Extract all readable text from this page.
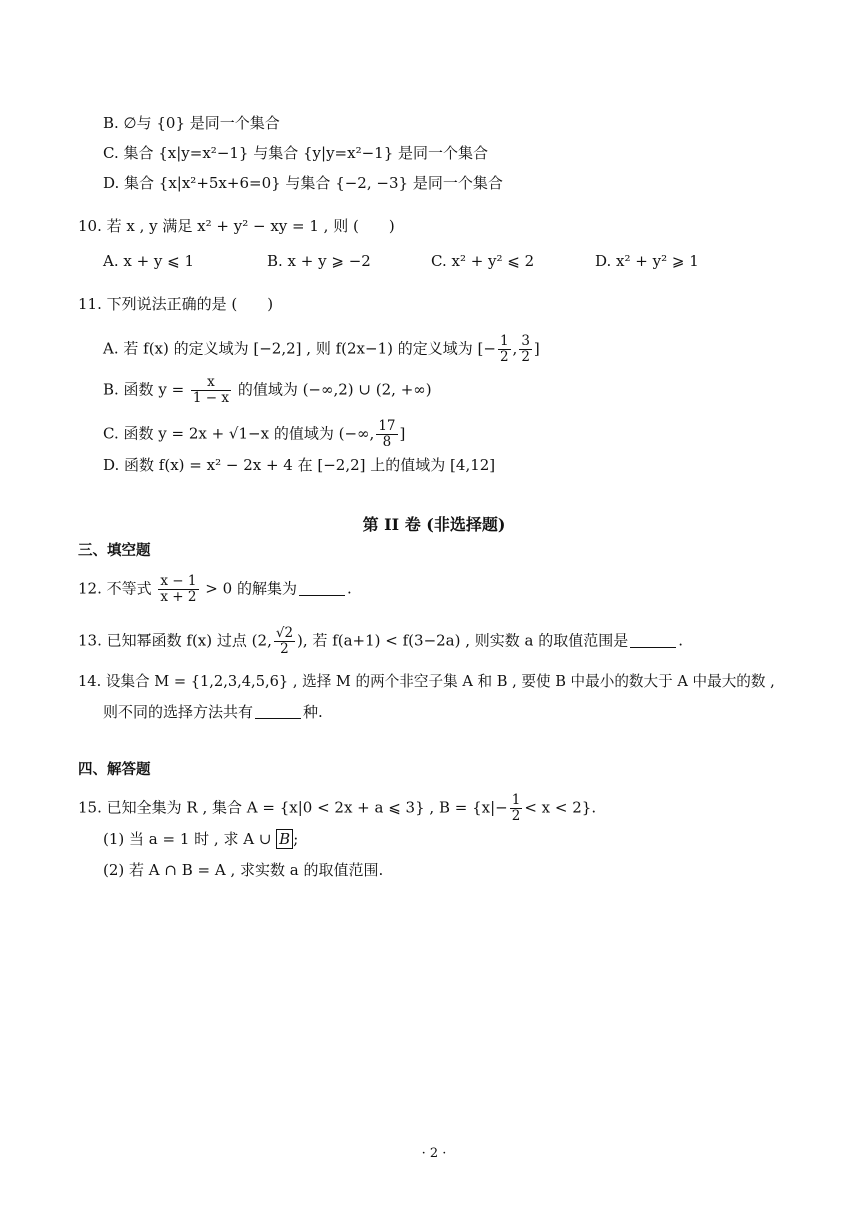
B. ∅与 {0} 是同一个集合
C. 集合 {x|y=x²−1} 与集合 {y|y=x²−1} 是同一个集合
D. 集合 {x|x²+5x+6=0} 与集合 {−2, −3} 是同一个集合
10. 若 x , y 满足 x² + y² − xy = 1 , 则 (　　)
A. x + y ⩽ 1	B. x + y ⩾ −2	C. x² + y² ⩽ 2	D. x² + y² ⩾ 1
11. 下列说法正确的是 (　　)
A. 若 f(x) 的定义域为 [−2,2] , 则 f(2x−1) 的定义域为 [− $\frac{1}{2}$ , $\frac{3}{2}$ ]
B. 函数 $y = \frac{x}{1 - x}$ 的值域为 (−∞,2) ∪ (2, +∞)
C. 函数 y = 2x + √1−x 的值域为 (−∞, $\frac{17}{8}$ ]
D. 函数 f(x) = x² − 2x + 4 在 [−2,2] 上的值域为 [4,12]
第 II 卷 (非选择题)
三、填空题
12. 不等式 $\frac{x - 1}{x + 2} > 0$ 的解集为	.
13. 已知幂函数 f(x) 过点 (2, $\frac{√2}{2}$ ), 若 f(a+1) < f(3−2a) , 则实数 a 的取值范围是	.
14. 设集合 M = {1,2,3,4,5,6} , 选择 M 的两个非空子集 A 和 B , 要使 B 中最小的数大于 A 中最大的数 ,
则不同的选择方法共有	种.
四、解答题
15. 已知全集为 R , 集合 A = {x|0 < 2x + a ⩽ 3} , $B = \{x|- \frac{1}{2} < x < 2\}$.
(1) 当 a = 1 时 , 求 A ∪ B ;
(2) 若 A ∩ B = A , 求实数 a 的取值范围.
· 2 ·
